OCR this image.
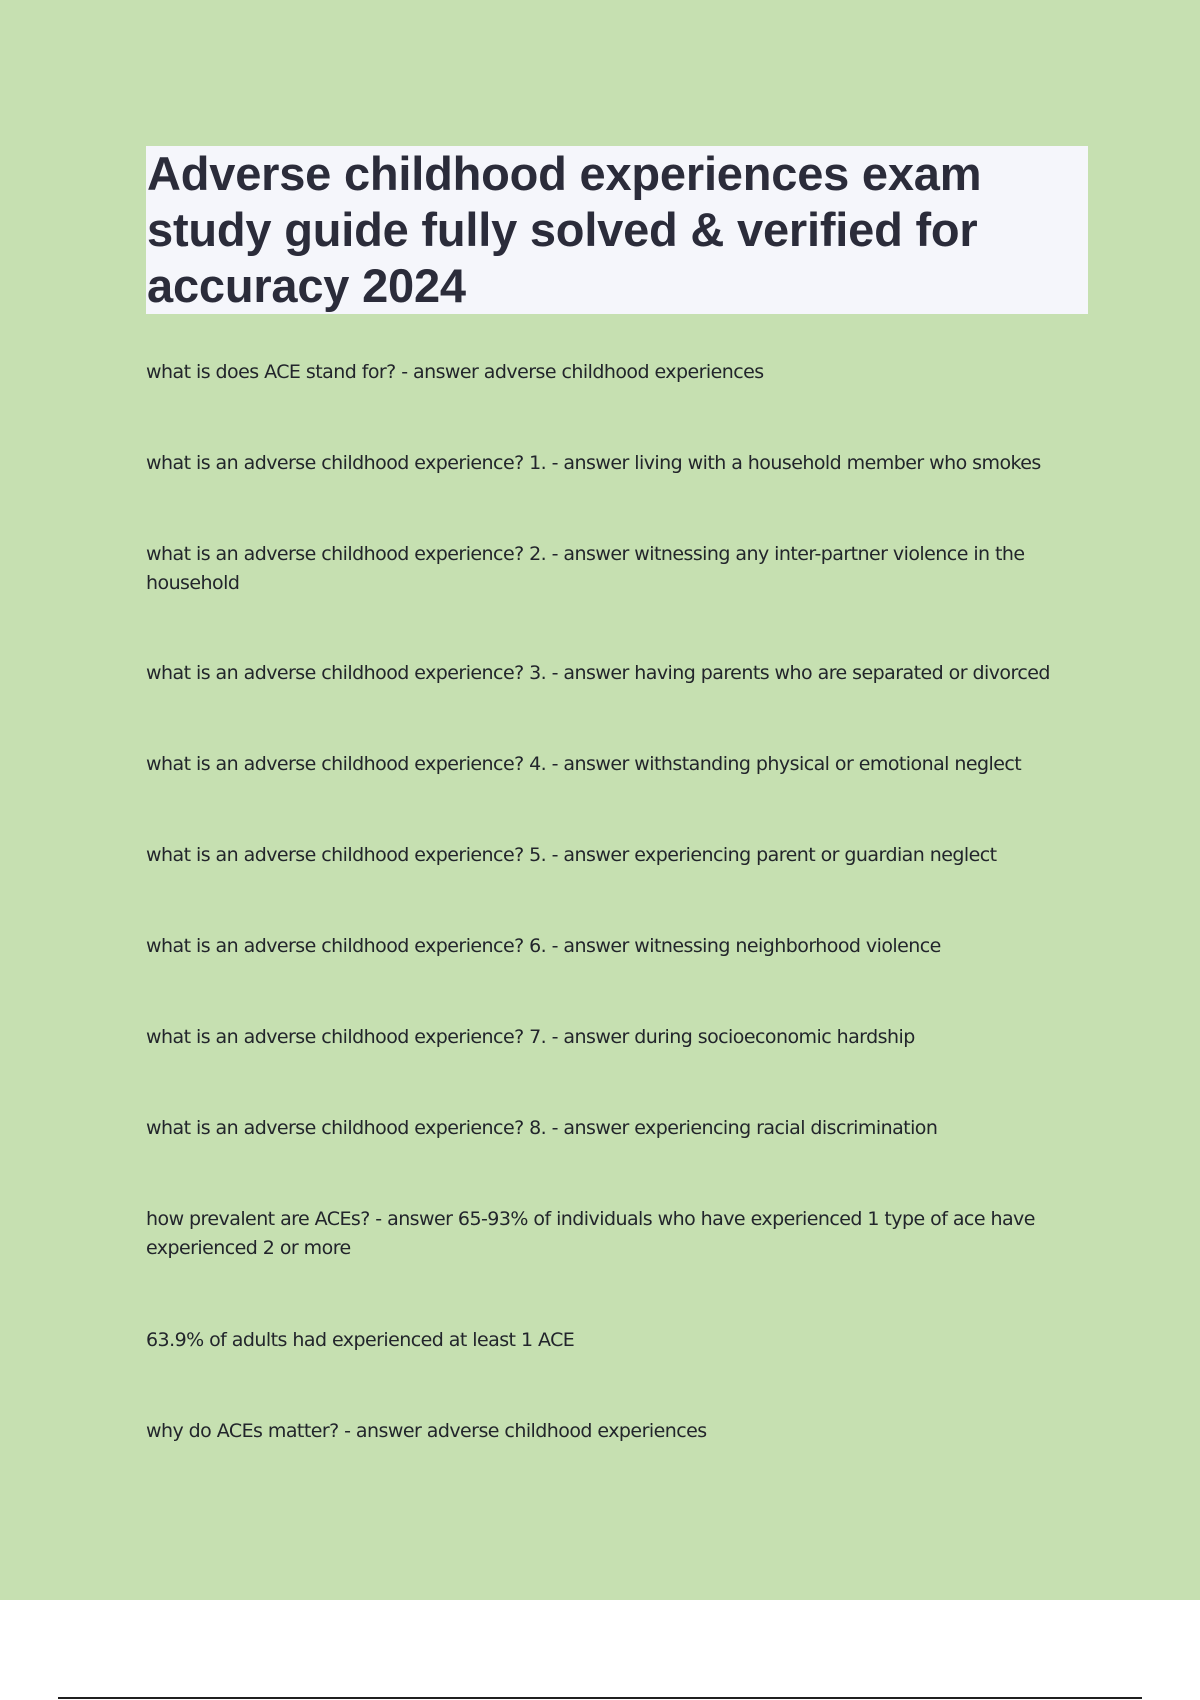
Adverse childhood experiences exam study guide fully solved & verified for accuracy 2024
what is does ACE stand for? - answer adverse childhood experiences
what is an adverse childhood experience? 1. - answer living with a household member who smokes
what is an adverse childhood experience? 2. - answer witnessing any inter-partner violence in the household
what is an adverse childhood experience? 3. - answer having parents who are separated or divorced
what is an adverse childhood experience? 4. - answer withstanding physical or emotional neglect
what is an adverse childhood experience? 5. - answer experiencing parent or guardian neglect
what is an adverse childhood experience? 6. - answer witnessing neighborhood violence
what is an adverse childhood experience? 7. - answer during socioeconomic hardship
what is an adverse childhood experience? 8. - answer experiencing racial discrimination
how prevalent are ACEs? - answer 65-93% of individuals who have experienced 1 type of ace have experienced 2 or more
63.9% of adults had experienced at least 1 ACE
why do ACEs matter? - answer adverse childhood experiences
